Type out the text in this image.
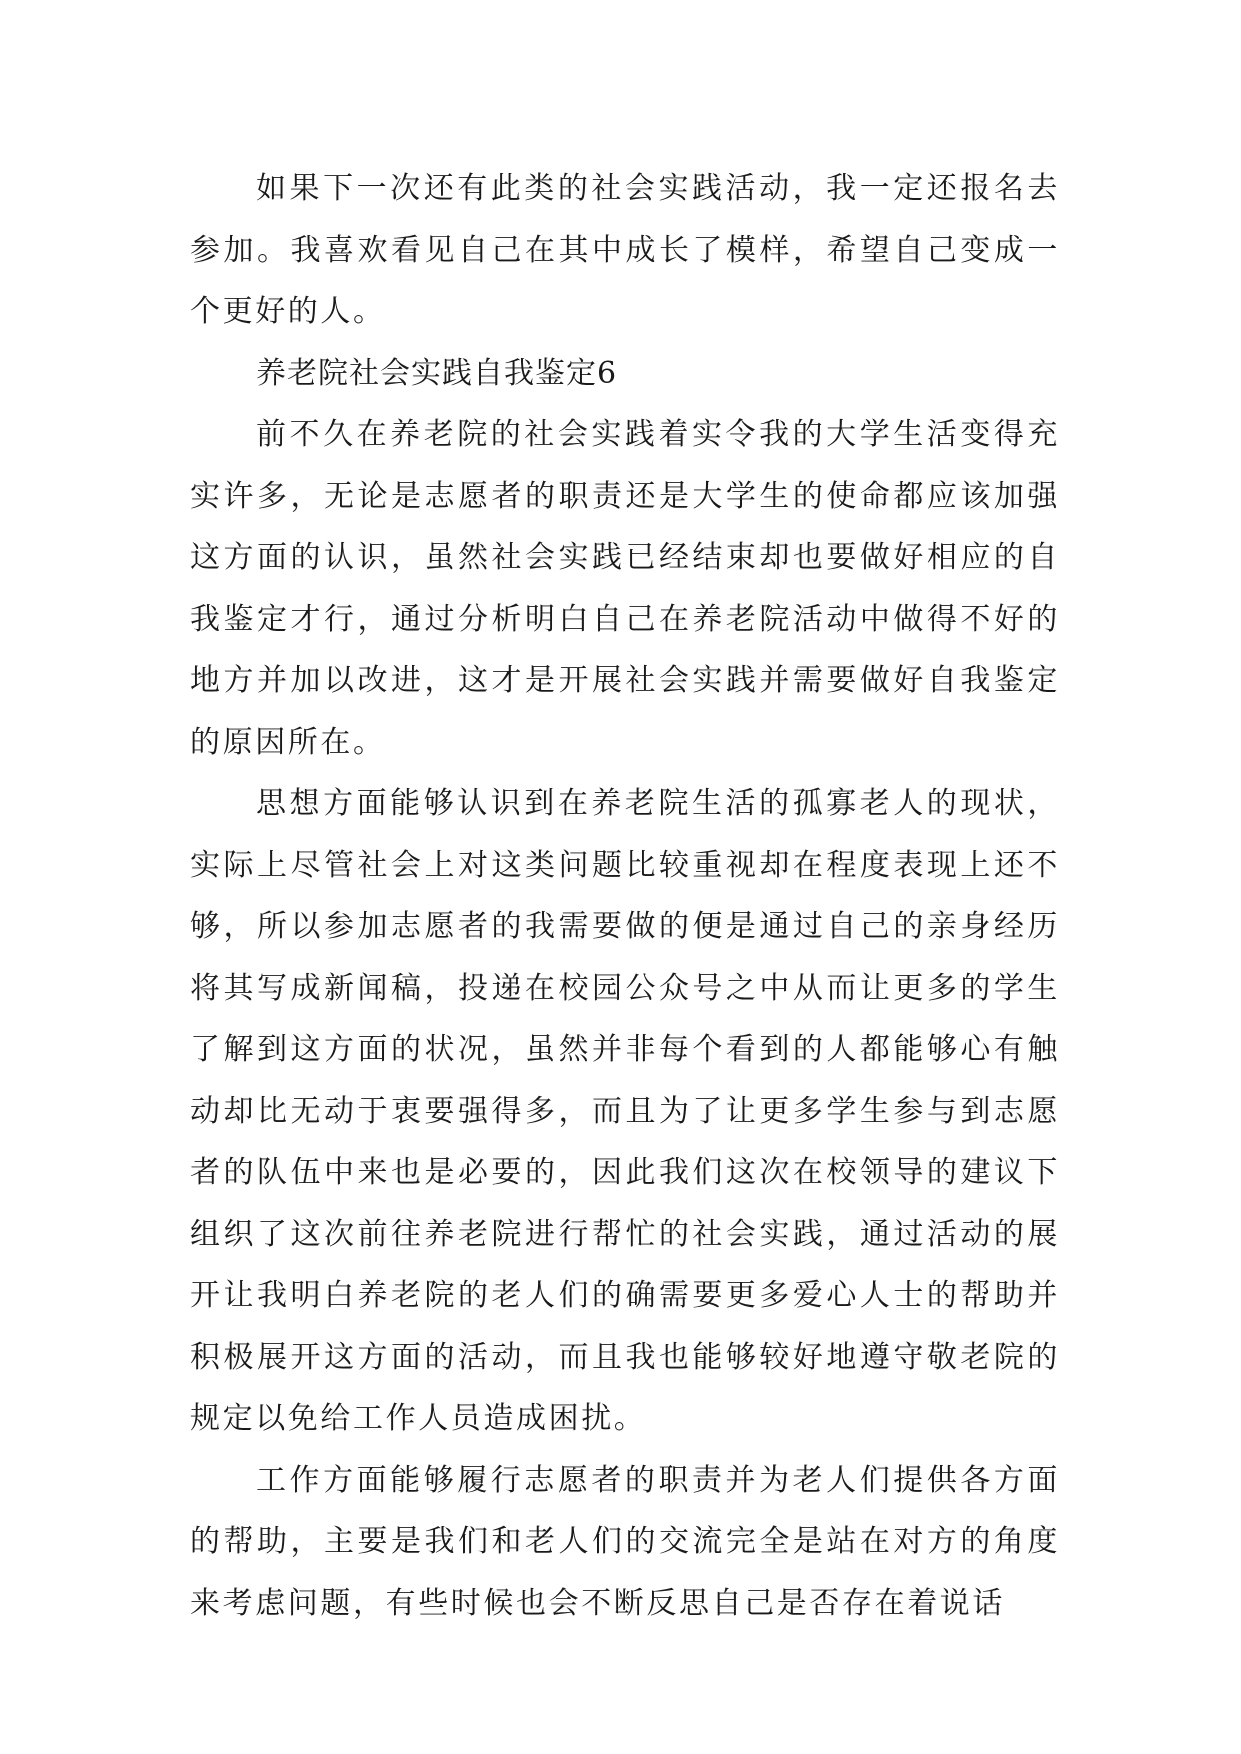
如果下一次还有此类的社会实践活动，我一定还报名去参加。我喜欢看见自己在其中成长了模样，希望自己变成一个更好的人。

养老院社会实践自我鉴定6

前不久在养老院的社会实践着实令我的大学生活变得充实许多，无论是志愿者的职责还是大学生的使命都应该加强这方面的认识，虽然社会实践已经结束却也要做好相应的自我鉴定才行，通过分析明白自己在养老院活动中做得不好的地方并加以改进，这才是开展社会实践并需要做好自我鉴定的原因所在。

思想方面能够认识到在养老院生活的孤寡老人的现状，实际上尽管社会上对这类问题比较重视却在程度表现上还不够，所以参加志愿者的我需要做的便是通过自己的亲身经历将其写成新闻稿，投递在校园公众号之中从而让更多的学生了解到这方面的状况，虽然并非每个看到的人都能够心有触动却比无动于衷要强得多，而且为了让更多学生参与到志愿者的队伍中来也是必要的，因此我们这次在校领导的建议下组织了这次前往养老院进行帮忙的社会实践，通过活动的展开让我明白养老院的老人们的确需要更多爱心人士的帮助并积极展开这方面的活动，而且我也能够较好地遵守敬老院的规定以免给工作人员造成困扰。

工作方面能够履行志愿者的职责并为老人们提供各方面的帮助，主要是我们和老人们的交流完全是站在对方的角度来考虑问题，有些时候也会不断反思自己是否存在着说话
